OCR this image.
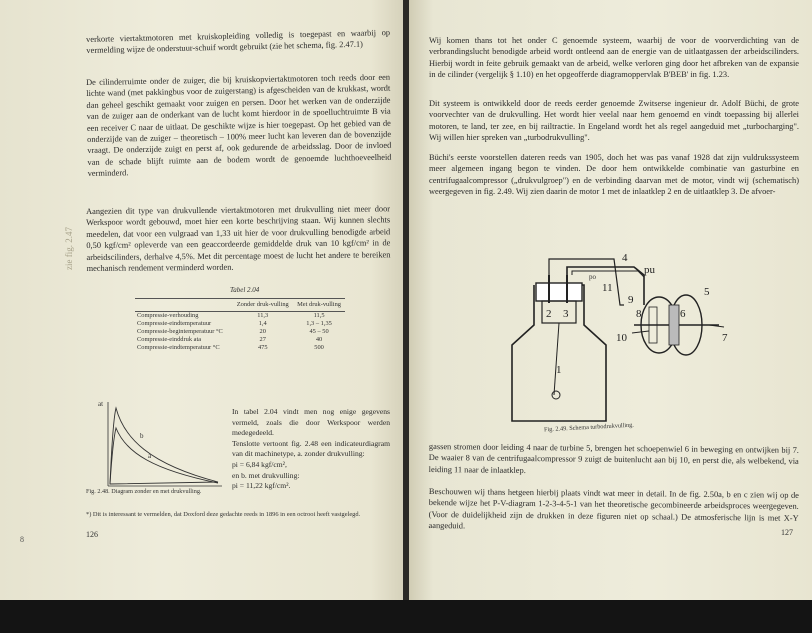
verkorte viertaktmotoren met kruiskopleiding volledig is toegepast en waarbij op vermelding wijze de onderstuur-schuif wordt gebruikt (zie het schema, fig. 2.47.1)
De cilinderruimte onder de zuiger, die bij kruiskopviertaktmotoren toch reeds door een lichte wand (met pakkingbus voor de zuigerstang) is afgescheiden van de krukkast, wordt dan geheel geschikt gemaakt voor zuigen en persen. Door het werken van de onderzijde van de zuiger aan de onderkant van de lucht komt hierdoor in de spoelluchtruimte B via een receiver C naar de uitlaat. De geschikte wijze is hier toegepast. Op het gebied van de onderzijde van de zuiger – theoretisch – 100% meer lucht kan leveren dan de bovenzijde vraagt. De onderzijde zuigt en perst af, ook gedurende de arbeidsslag. Door de invloed van de schade blijft ruimte aan de bodem wordt de genoemde luchthoeveelheid verminderd.
Aangezien dit type van drukvullende viertaktmotoren met drukvulling niet meer door Werkspoor wordt gebouwd, moet hier een korte beschrijving staan. Wij kunnen slechts meedelen, dat voor een vulgraad van 1,33 uit hier de voor drukvulling benodigde arbeid 0,50 kgf/cm² opleverde van een geaccordeerde gemiddelde druk van 10 kgf/cm² in de arbeidscilinders, derhalve 4,5%. Met dit percentage moest de lucht het andere te bereiken mechanisch rendement verminderd worden.
zie fig. 2.47
Tabel 2.04
	Zonder druk-vulling	Met druk-vulling
Compressie-verhouding	11,3	11,5
Compressie-eindtemperatuur	1,4	1,3 – 1,35
Compressie-begintemperatuur °C	20	45 – 50
Compressie-einddruk ata	27	40
Compressie-eindtemperatuur °C	475	500
at
b
a
Fig. 2.48. Diagram zonder en met drukvulling.
In tabel 2.04 vindt men nog enige gegevens vermeld, zoals die door Werkspoor werden medegedeeld.
Tenslotte vertoont fig. 2.48 een indicateurdiagram van dit machinetype, a. zonder drukvulling:
pi = 6,84 kgf/cm²,
en b. met drukvulling:
pi = 11,22 kgf/cm².
*) Dit is interessant te vermelden, dat Doxford deze gedachte reeds in 1896 in een octrooi heeft vastgelegd.
126
8
Wij komen thans tot het onder C genoemde systeem, waarbij de voor de voorverdichting van de verbrandingslucht benodigde arbeid wordt ontleend aan de energie van de uitlaatgassen der arbeidscilinders. Hierbij wordt in feite gebruik gemaakt van de arbeid, welke verloren ging door het afbreken van de expansie in de cilinder (vergelijk § 1.10) en het opgeofferde diagramoppervlak B'BEB' in fig. 1.23.
Dit systeem is ontwikkeld door de reeds eerder genoemde Zwitserse ingenieur dr. Adolf Büchi, de grote voorvechter van de drukvulling. Het wordt hier veelal naar hem genoemd en vindt toepassing bij allerlei motoren, te land, ter zee, en bij railtractie. In Engeland wordt het als regel aangeduid met „turbocharging". Wij willen hier spreken van „turbodrukvulling".
Büchi's eerste voorstellen dateren reeds van 1905, doch het was pas vanaf 1928 dat zijn vuldrukssysteem meer algemeen ingang begon te vinden. De door hem ontwikkelde combinatie van gasturbine en centrifugaalcompressor („drukvulgroep") en de verbinding daarvan met de motor, vindt wij (schematisch) weergegeven in fig. 2.49. Wij zien daarin de motor 1 met de inlaatklep 2 en de uitlaatklep 3. De afvoer-
4
pu
po
11
9
5
6
8
10	7
3
2
1
Fig. 2.49. Schema turbodrukvulling.
gassen stromen door leiding 4 naar de turbine 5, brengen het schoepenwiel 6 in beweging en ontwijken bij 7. De waaier 8 van de centrifugaalcompressor 9 zuigt de buitenlucht aan bij 10, en perst die, als welbekend, via leiding 11 naar de inlaatklep.
Beschouwen wij thans hetgeen hierbij plaats vindt wat meer in detail. In de fig. 2.50a, b en c zien wij op de bekende wijze het P-V-diagram 1-2-3-4-5-1 van het theoretische gecombineerde arbeidsproces weergegeven. (Voor de duidelijkheid zijn de drukken in deze figuren niet op schaal.) De atmosferische lijn is met X-Y aangeduid.
127
